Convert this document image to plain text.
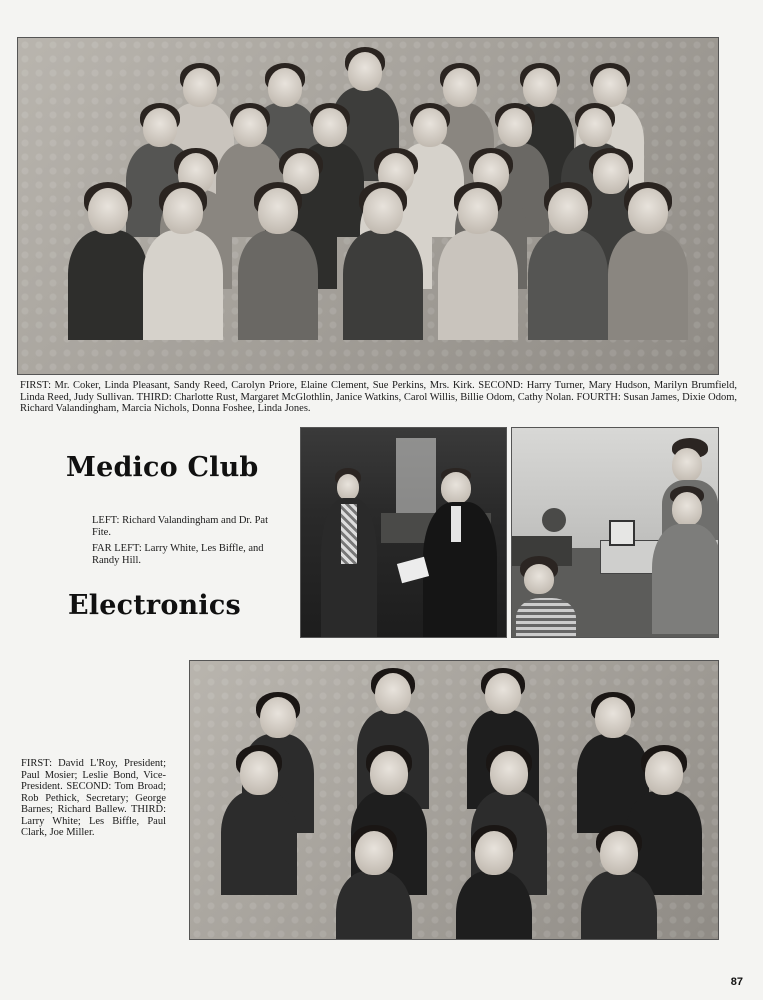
FIRST: Mr. Coker, Linda Pleasant, Sandy Reed, Carolyn Priore, Elaine Clement, Sue Perkins, Mrs. Kirk. SECOND: Harry Turner, Mary Hudson, Marilyn Brumfield, Linda Reed, Judy Sullivan. THIRD: Charlotte Rust, Margaret McGlothlin, Janice Watkins, Carol Willis, Billie Odom, Cathy Nolan. FOURTH: Susan James, Dixie Odom, Richard Valandingham, Marcia Nichols, Donna Foshee, Linda Jones.
Medico Club
LEFT: Richard Valandingham and Dr. Pat Fite.
FAR LEFT: Larry White, Les Biffle, and Randy Hill.
Electronics
FIRST: David L'Roy, President; Paul Mosier; Leslie Bond, Vice-President. SECOND: Tom Broad; Rob Pethick, Secretary; George Barnes; Richard Ballew. THIRD: Larry White; Les Biffle, Paul Clark, Joe Miller.
87
